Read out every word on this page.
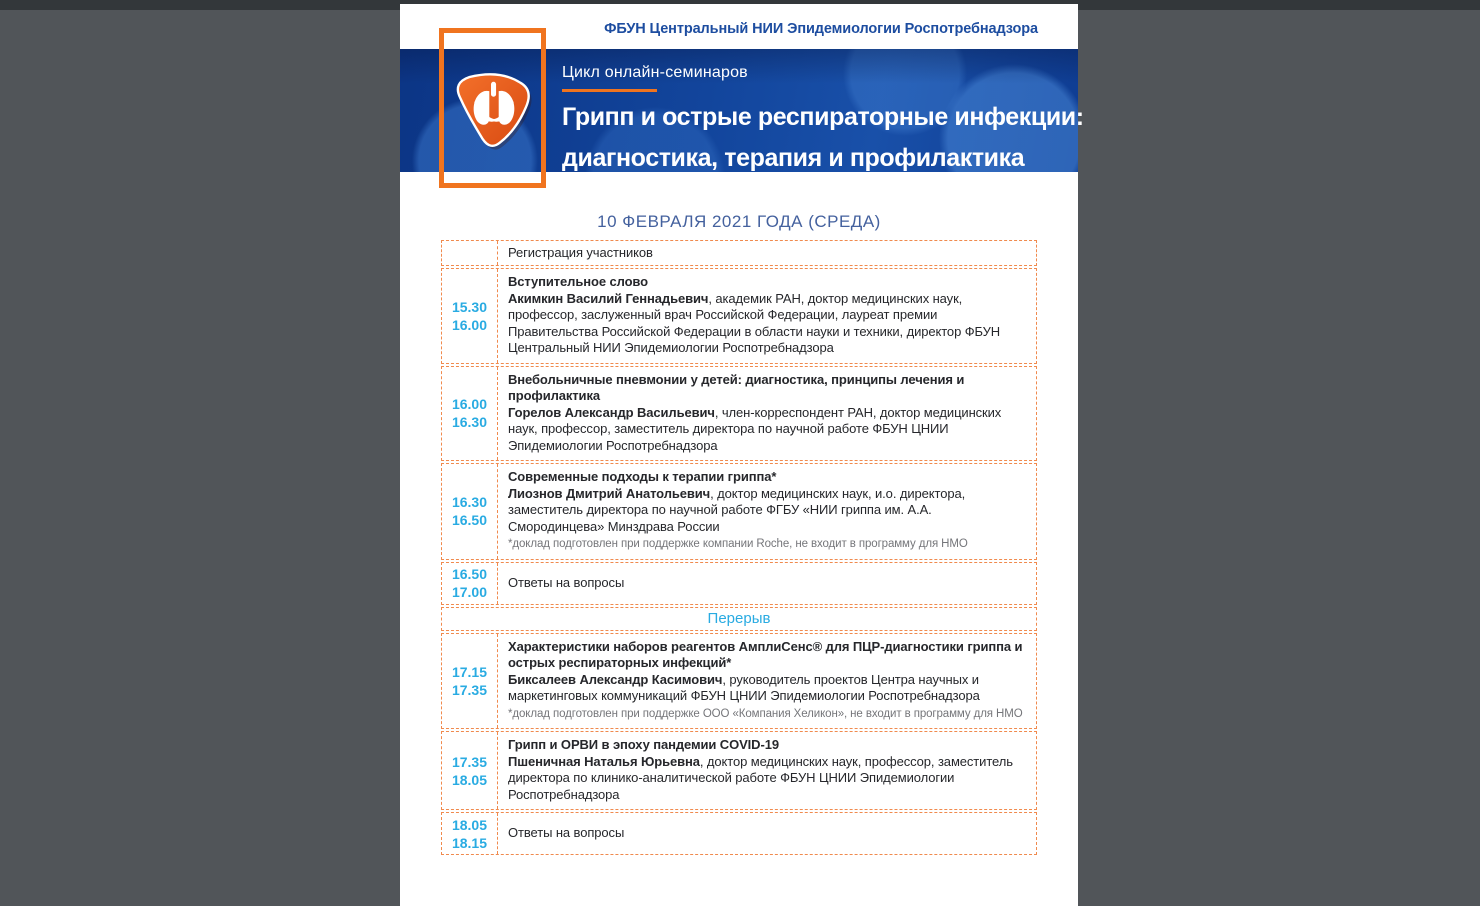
ФБУН Центральный НИИ Эпидемиологии Роспотребнадзора
Цикл онлайн-семинаров
Грипп и острые респираторные инфекции:
диагностика, терапия и профилактика
10 ФЕВРАЛЯ 2021 ГОДА (СРЕДА)
Регистрация участников
15.30
16.00
Вступительное слово
Акимкин Василий Геннадьевич, академик РАН, доктор медицинских наук, профессор, заслуженный врач Российской Федерации, лауреат премии Правительства Российской Федерации в области науки и техники, директор ФБУН Центральный НИИ Эпидемиологии Роспотребнадзора
16.00
16.30
Внебольничные пневмонии у детей: диагностика, принципы лечения и профилактика
Горелов Александр Васильевич, член-корреспондент РАН, доктор медицинских наук, профессор, заместитель директора по научной работе ФБУН ЦНИИ Эпидемиологии Роспотребнадзора
16.30
16.50
Современные подходы к терапии гриппа*
Лиознов Дмитрий Анатольевич, доктор медицинских наук, и.о. директора, заместитель директора по научной работе ФГБУ «НИИ гриппа им. А.А. Смородинцева» Минздрава России
*доклад подготовлен при поддержке компании Roche, не входит в программу для НМО
16.50
17.00
Ответы на вопросы
Перерыв
17.15
17.35
Характеристики наборов реагентов АмплиСенс® для ПЦР-диагностики гриппа и острых респираторных инфекций*
Биксалеев Александр Касимович, руководитель проектов Центра научных и маркетинговых коммуникаций ФБУН ЦНИИ Эпидемиологии Роспотребнадзора
*доклад подготовлен при поддержке ООО «Компания Хеликон», не входит в программу для НМО
17.35
18.05
Грипп и ОРВИ в эпоху пандемии COVID-19
Пшеничная Наталья Юрьевна, доктор медицинских наук, профессор, заместитель директора по клинико-аналитической работе ФБУН ЦНИИ Эпидемиологии Роспотребнадзора
18.05
18.15
Ответы на вопросы
